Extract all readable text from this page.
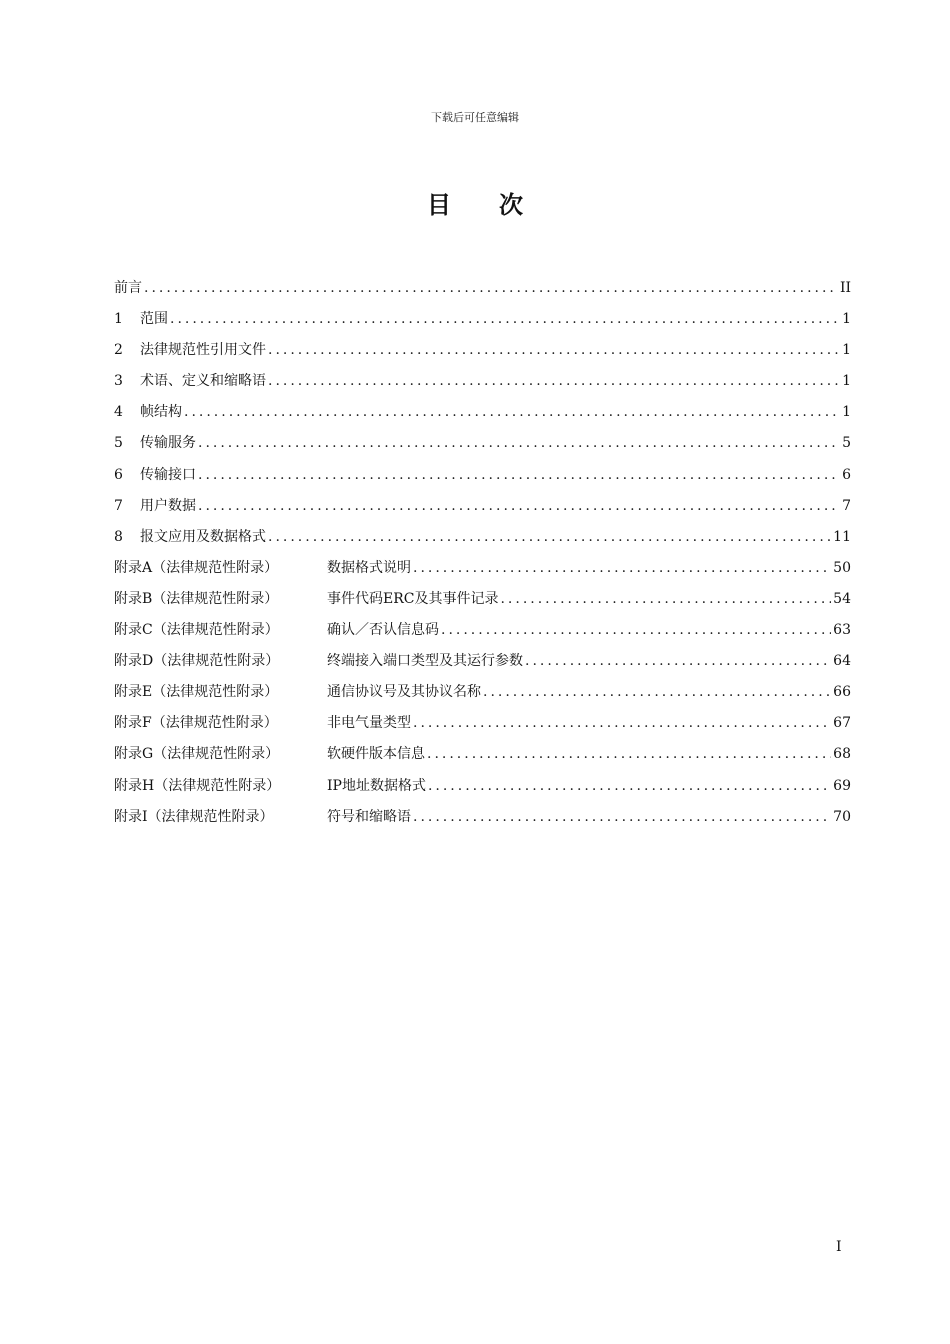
下载后可任意编辑
目 次
前言 .....	II
1	范围 .....	1
2	法律规范性引用文件 .....	1
3	术语、定义和缩略语 .....	1
4	帧结构 .....	1
5	传输服务 .....	5
6	传输接口 .....	6
7	用户数据 .....	7
8	报文应用及数据格式 .....	11
附录A（法律规范性附录）	数据格式说明 .....	50
附录B（法律规范性附录）	事件代码ERC及其事件记录 .....	54
附录C（法律规范性附录）	确认／否认信息码 .....	63
附录D（法律规范性附录）	终端接入端口类型及其运行参数 .....	64
附录E（法律规范性附录）	通信协议号及其协议名称 .....	66
附录F（法律规范性附录）	非电气量类型 .....	67
附录G（法律规范性附录）	软硬件版本信息 .....	68
附录H（法律规范性附录）	IP地址数据格式 .....	69
附录I（法律规范性附录）	符号和缩略语 .....	70
I
